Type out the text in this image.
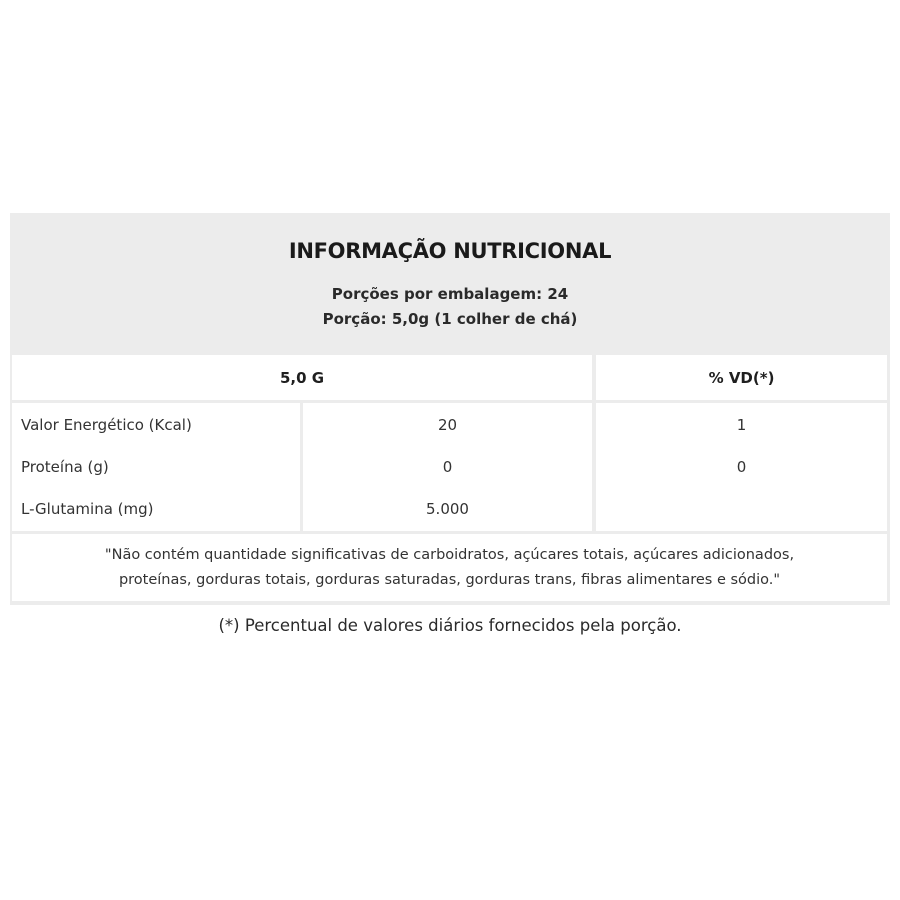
INFORMAÇÃO NUTRICIONAL
Porções por embalagem: 24
Porção: 5,0g (1 colher de chá)
5,0 G	% VD(*)
Valor Energético (Kcal)
Proteína (g)
L-Glutamina (mg)
20
0
5.000
1
0
"Não contém quantidade significativas de carboidratos, açúcares totais, açúcares adicionados,
proteínas, gorduras totais, gorduras saturadas, gorduras trans, fibras alimentares e sódio."
(*) Percentual de valores diários fornecidos pela porção.
